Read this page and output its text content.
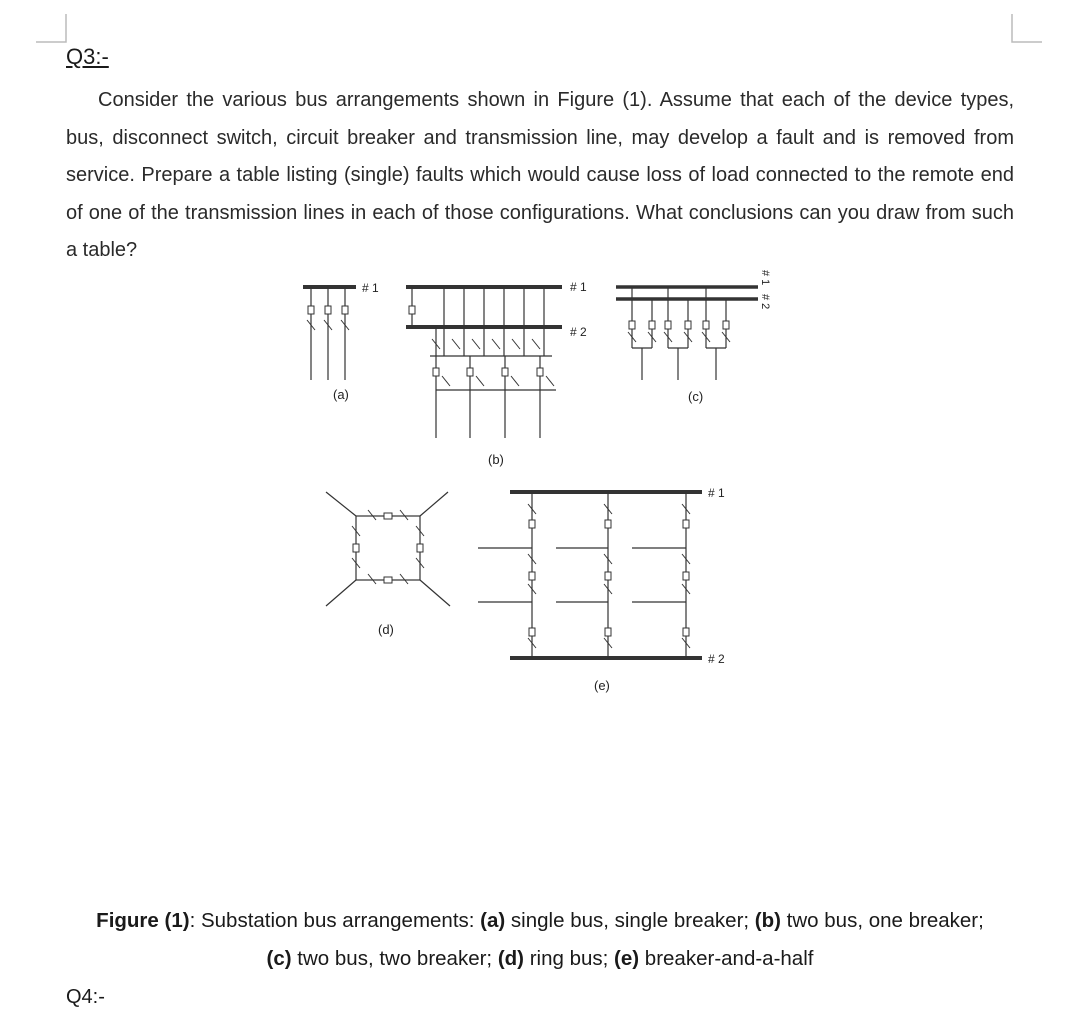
Q3:-

Consider the various bus arrangements shown in Figure (1). Assume that each of the device types, bus, disconnect switch, circuit breaker and transmission line, may develop a fault and is removed from service. Prepare a table listing (single) faults which would cause loss of load connected to the remote end of one of the transmission lines in each of those configurations. What conclusions can you draw from such a table?

# 1
(a)
# 1
# 2
(b)
# 1
# 2
(c)
(d)
# 1
# 2
(e)
Figure (1): Substation bus arrangements: (a) single bus, single breaker; (b) two bus, one breaker;
(c) two bus, two breaker; (d) ring bus; (e) breaker-and-a-half
Q4:-
